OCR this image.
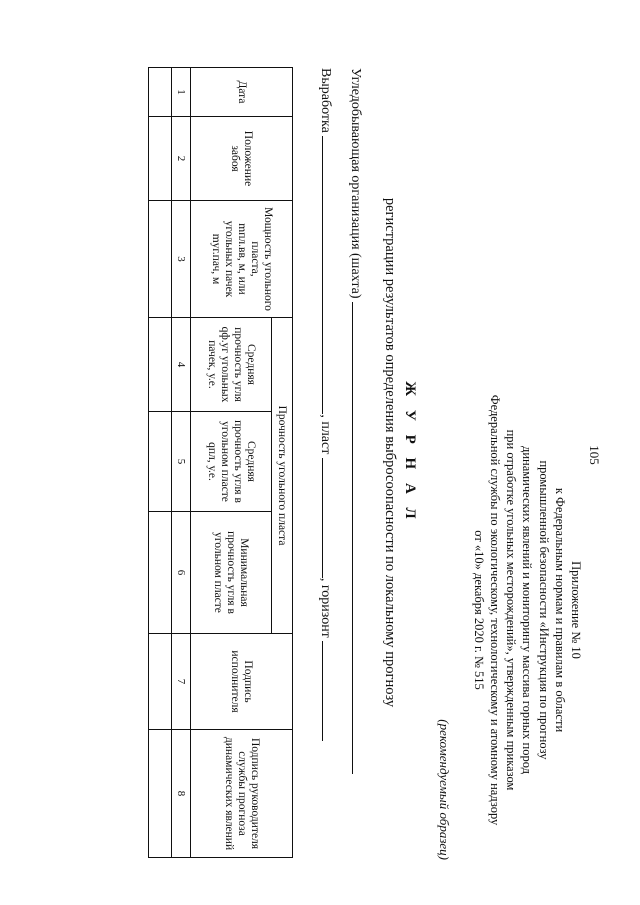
105
Приложение № 10
к Федеральным нормам и правилам в области
промышленной безопасности «Инструкция по прогнозу
динамических явлений и мониторингу массива горных пород
при отработке угольных месторождений», утвержденным приказом
Федеральной службы по экологическому, технологическому и атомному надзору
от «10» декабря 2020 г. № 515
(рекомендуемый образец)
Ж У Р Н А Л
регистрации результатов определения выбросоопасности по локальному прогнозу
Угледобывающая организация (шахта)
Выработка , пласт , горизонт
Дата	Положение забоя	Мощность угольного пласта,
mпл.вв, м, или угольных пачек
mуг.пач, м	Прочность угольного пласта			Подпись исполнителя	Подпись руководителя службы прогноза динамических явлений
			Средняя прочность угля qф.уг угольных пачек, у.е.	Средняя прочность угля в угольном пласте qпл, у.е.	Минимальная прочность угля в угольном пласте		
1	2	3	4	5	6	7	8
